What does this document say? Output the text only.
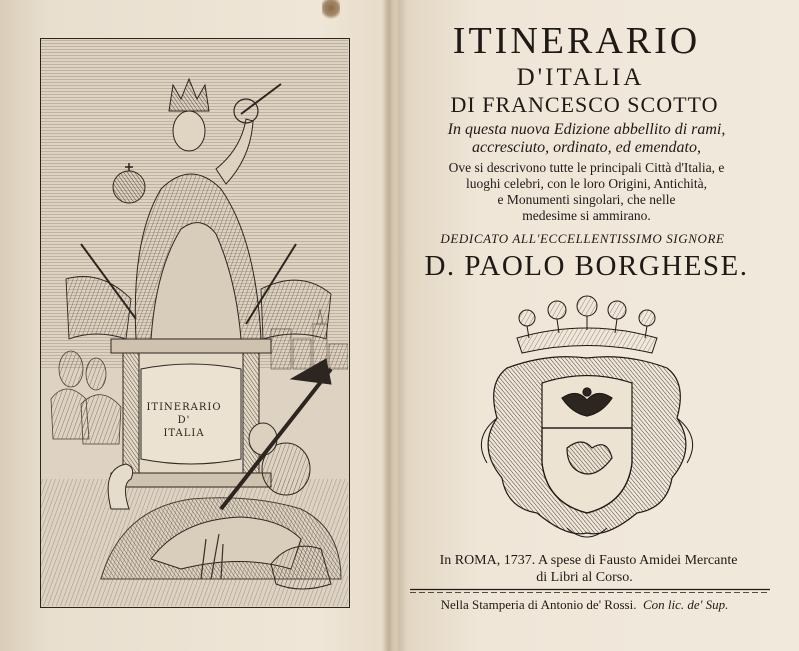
ITINERARIO
D'
ITALIA
ITINERARIO
D'ITALIA
DI FRANCESCO SCOTTO
In questa nuova Edizione abbellito di rami,
accresciuto, ordinato, ed emendato,
Ove si descrivono tutte le principali Città d'Italia, e
luoghi celebri, con le loro Origini, Antichità,
e Monumenti singolari, che nelle
medesime si ammirano.
DEDICATO ALL'ECCELLENTISSIMO SIGNORE
D. PAOLO BORGHESE.
In ROMA, 1737. A spese di Fausto Amidei Mercante
di Libri al Corso.
Nella Stamperia di Antonio de' Rossi. Con lic. de' Sup.
